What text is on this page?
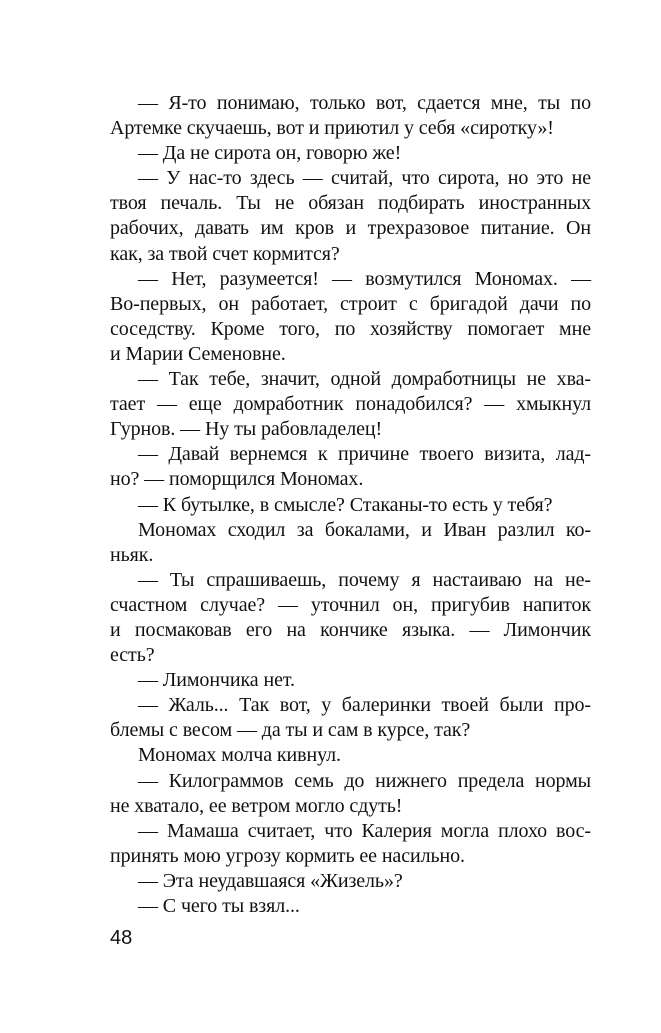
— Я-то понимаю, только вот, сдается мне, ты по
Артемке скучаешь, вот и приютил у себя «сиротку»!
— Да не сирота он, говорю же!
— У нас-то здесь — считай, что сирота, но это не
твоя печаль. Ты не обязан подбирать иностранных
рабочих, давать им кров и трехразовое питание. Он
как, за твой счет кормится?
— Нет, разумеется! — возмутился Мономах. —
Во-первых, он работает, строит с бригадой дачи по
соседству. Кроме того, по хозяйству помогает мне
и Марии Семеновне.
— Так тебе, значит, одной домработницы не хва-
тает — еще домработник понадобился? — хмыкнул
Гурнов. — Ну ты рабовладелец!
— Давай вернемся к причине твоего визита, лад-
но? — поморщился Мономах.
— К бутылке, в смысле? Стаканы-то есть у тебя?
Мономах сходил за бокалами, и Иван разлил ко-
ньяк.
— Ты спрашиваешь, почему я настаиваю на не-
счастном случае? — уточнил он, пригубив напиток
и посмаковав его на кончике языка. — Лимончик
есть?
— Лимончика нет.
— Жаль... Так вот, у балеринки твоей были про-
блемы с весом — да ты и сам в курсе, так?
Мономах молча кивнул.
— Килограммов семь до нижнего предела нормы
не хватало, ее ветром могло сдуть!
— Мамаша считает, что Калерия могла плохо вос-
принять мою угрозу кормить ее насильно.
— Эта неудавшаяся «Жизель»?
— С чего ты взял...
48
